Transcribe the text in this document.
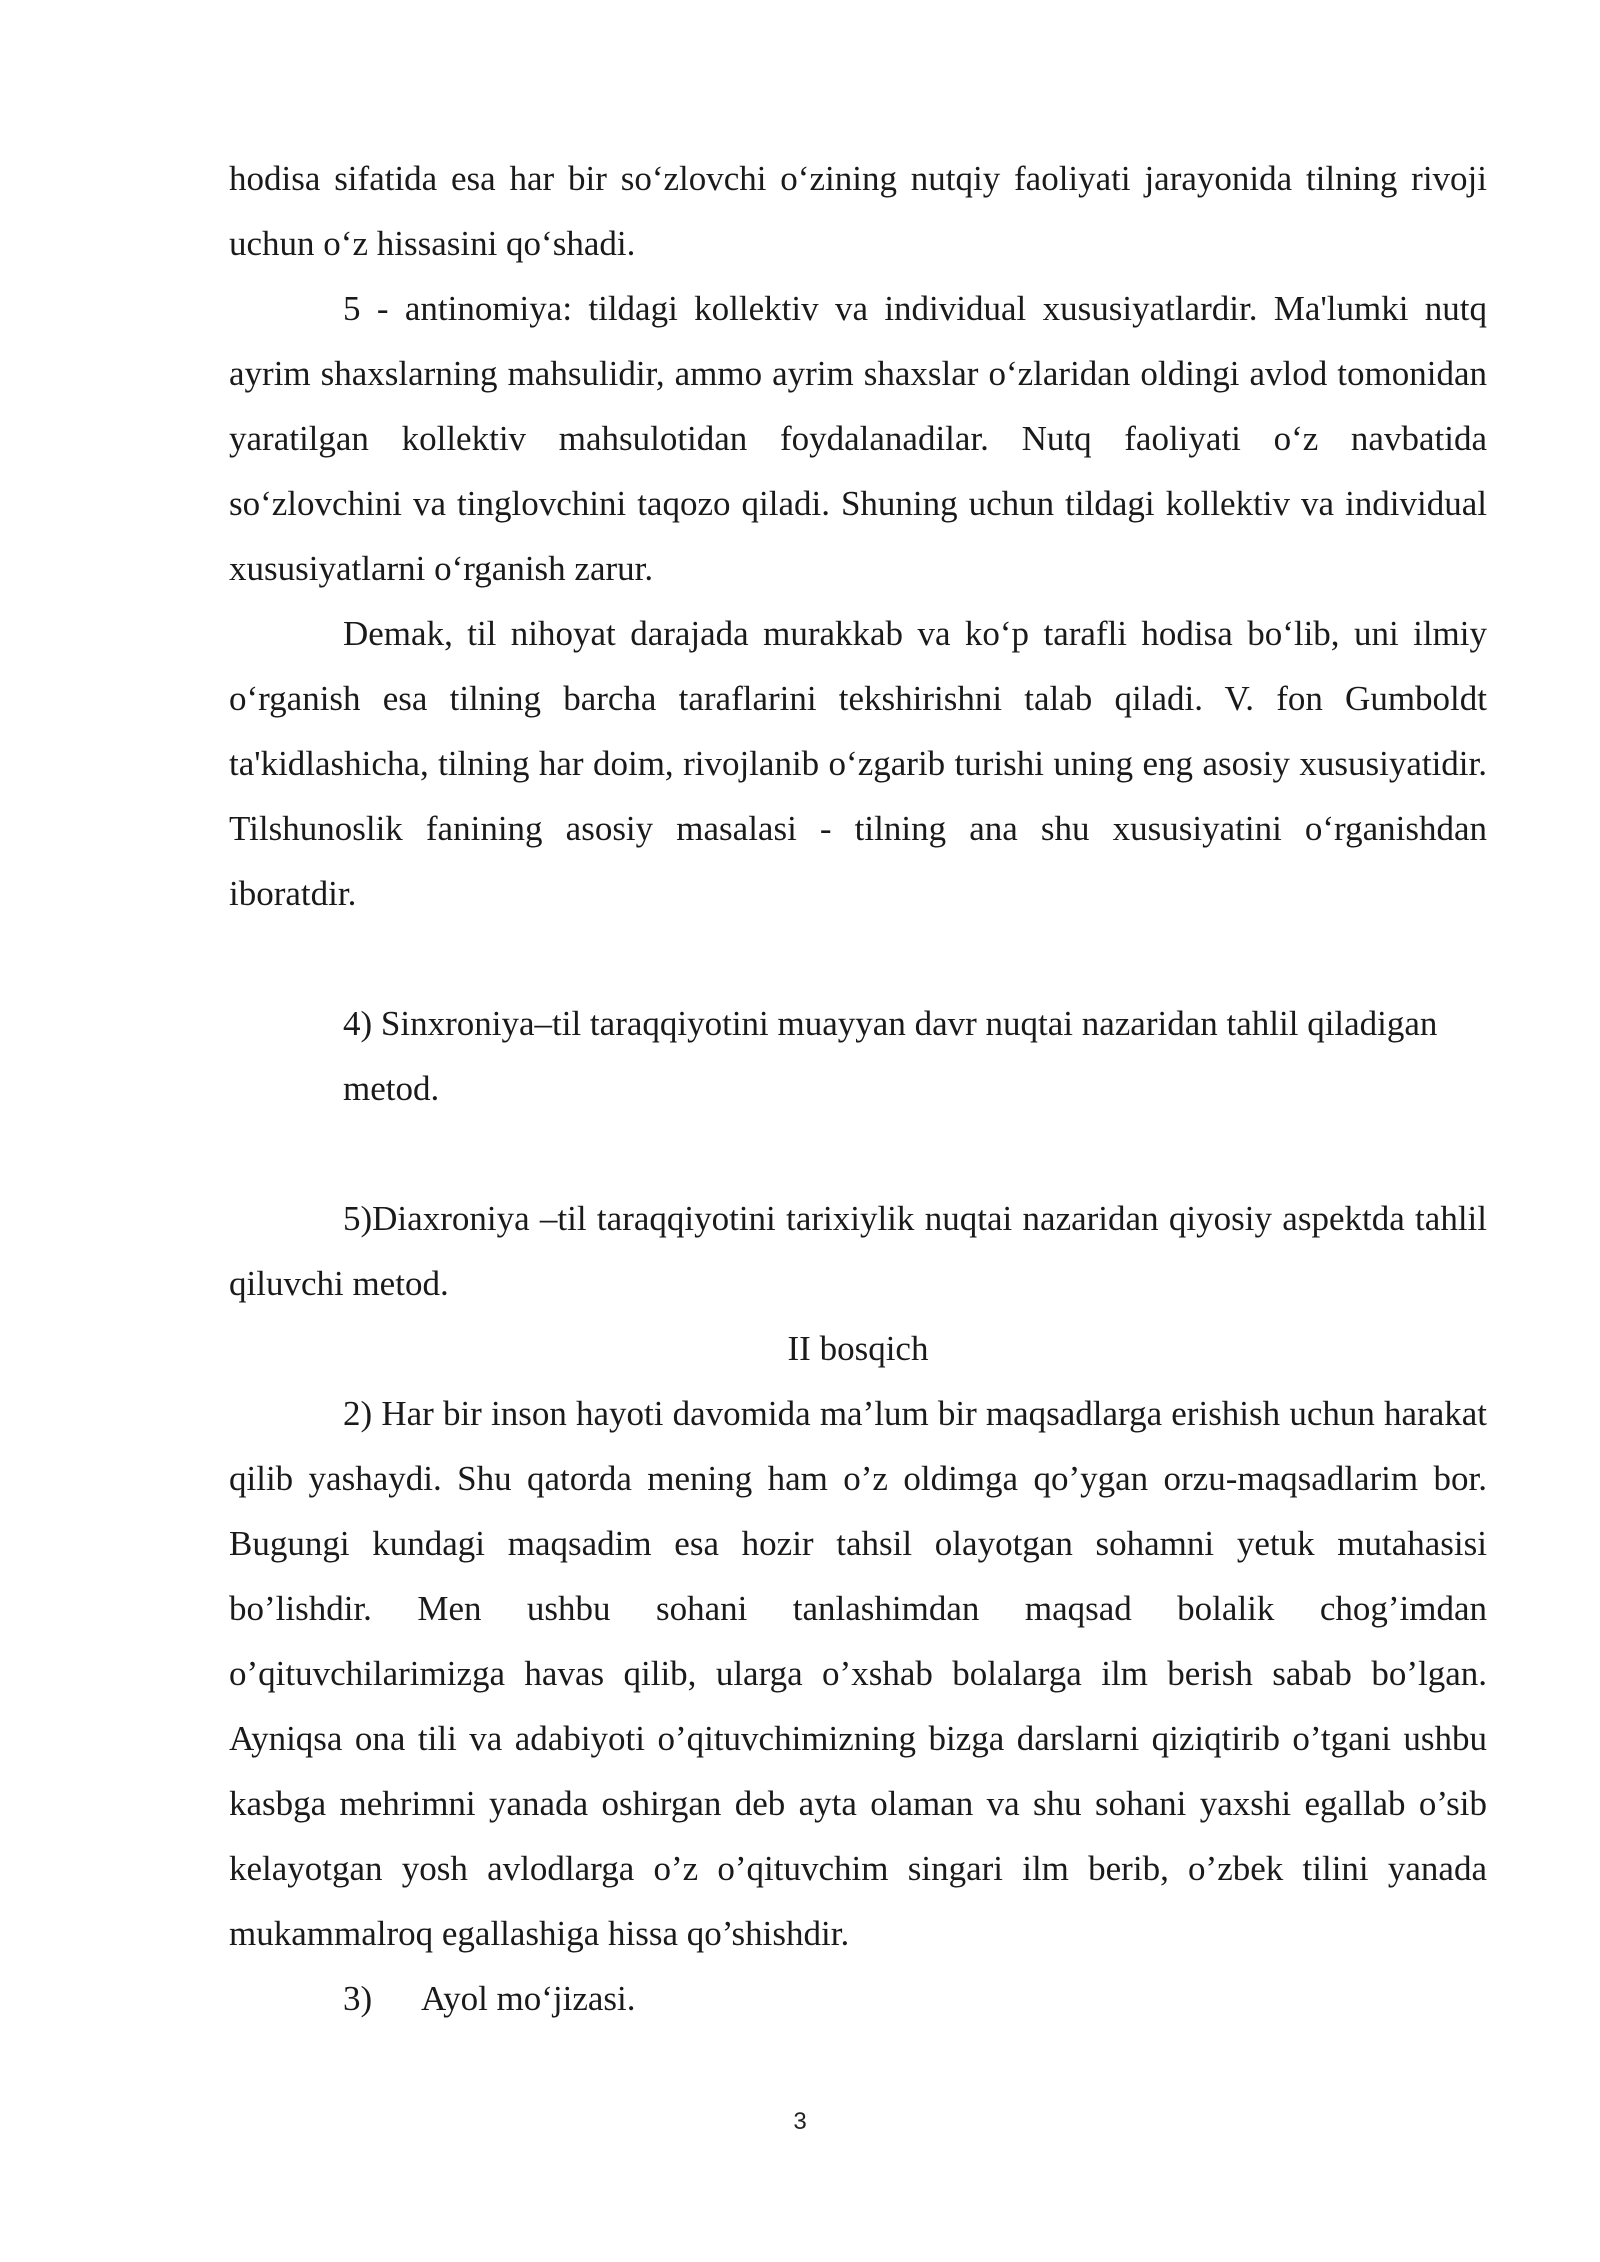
hodisa sifatida esa har bir so‘zlovchi o‘zining nutqiy faoliyati jarayonida tilning rivoji uchun o‘z hissasini qo‘shadi.

5 - antinomiya: tildagi kollektiv va individual xususiyatlardir. Ma'lumki nutq ayrim shaxslarning mahsulidir, ammo ayrim shaxslar o‘zlaridan oldingi avlod tomonidan yaratilgan kollektiv mahsulotidan foydalanadilar. Nutq faoliyati o‘z navbatida so‘zlovchini va tinglovchini taqozo qiladi. Shuning uchun tildagi kollektiv va individual xususiyatlarni o‘rganish zarur.

Demak, til nihoyat darajada murakkab va ko‘p tarafli hodisa bo‘lib, uni ilmiy o‘rganish esa tilning barcha taraflarini tekshirishni talab qiladi. V. fon Gumboldt ta'kidlashicha, tilning har doim, rivojlanib o‘zgarib turishi uning eng asosiy xususiyatidir. Tilshunoslik fanining asosiy masalasi - tilning ana shu xususiyatini o‘rganishdan iboratdir.

4) Sinxroniya–til taraqqiyotini muayyan davr nuqtai nazaridan tahlil qiladigan

metod.

5)Diaxroniya –til taraqqiyotini tarixiylik nuqtai nazaridan qiyosiy aspektda tahlil qiluvchi metod.

II bosqich

2) Har bir inson hayoti davomida ma’lum bir maqsadlarga erishish uchun harakat qilib yashaydi. Shu qatorda mening ham o’z oldimga qo’ygan orzu-maqsadlarim bor. Bugungi kundagi maqsadim esa hozir tahsil olayotgan sohamni yetuk mutahasisi bo’lishdir. Men ushbu sohani tanlashimdan maqsad bolalik chog’imdan o’qituvchilarimizga havas qilib, ularga o’xshab bolalarga ilm berish sabab bo’lgan. Ayniqsa ona tili va adabiyoti o’qituvchimizning bizga darslarni qiziqtirib o’tgani ushbu kasbga mehrimni yanada oshirgan deb ayta olaman va shu sohani yaxshi egallab o’sib kelayotgan yosh avlodlarga o’z o’qituvchim singari ilm berib, o’zbek tilini yanada mukammalroq egallashiga hissa qo’shishdir.

3) Ayol mo‘jizasi.

3
